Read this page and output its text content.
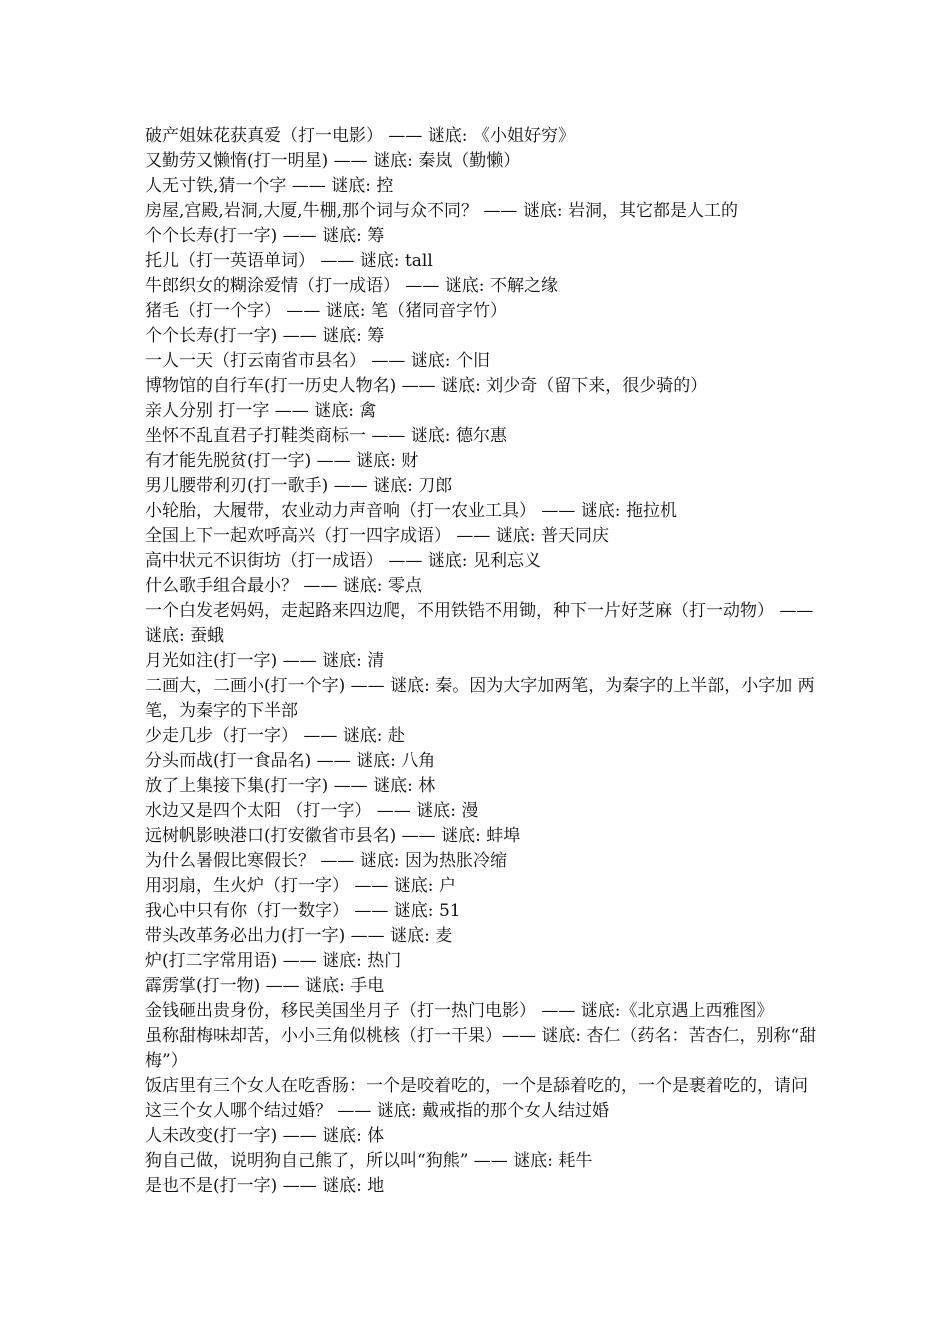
破产姐妹花获真爱（打一电影） —— 谜底: 《小姐好穷》
又勤劳又懒惰(打一明星) —— 谜底: 秦岚（勤懒）
人无寸铁,猜一个字 —— 谜底: 控
房屋,宫殿,岩洞,大厦,牛棚,那个词与众不同？ —— 谜底: 岩洞，其它都是人工的
个个长寿(打一字) —— 谜底: 筹
托儿（打一英语单词） —— 谜底: tall
牛郎织女的糊涂爱情（打一成语） —— 谜底: 不解之缘
猪毛（打一个字） —— 谜底: 笔（猪同音字竹）
个个长寿(打一字) —— 谜底: 筹
一人一天（打云南省市县名） —— 谜底: 个旧
博物馆的自行车(打一历史人物名) —— 谜底: 刘少奇（留下来，很少骑的）
亲人分别 打一字 —— 谜底: 禽
坐怀不乱直君子打鞋类商标一 —— 谜底: 德尔惠
有才能先脱贫(打一字) —— 谜底: 财
男儿腰带利刃(打一歌手) —— 谜底: 刀郎
小轮胎，大履带，农业动力声音响（打一农业工具） —— 谜底: 拖拉机
全国上下一起欢呼高兴（打一四字成语） —— 谜底: 普天同庆
高中状元不识街坊（打一成语） —— 谜底: 见利忘义
什么歌手组合最小？ —— 谜底: 零点
一个白发老妈妈，走起路来四边爬，不用铁锆不用锄，种下一片好芝麻（打一动物） —— 谜底: 蚕蛾
月光如注(打一字) —— 谜底: 清
二画大，二画小(打一个字) —— 谜底: 秦。因为大字加两笔，为秦字的上半部，小字加 两笔，为秦字的下半部
少走几步（打一字） —— 谜底: 赴
分头而战(打一食品名) —— 谜底: 八角
放了上集接下集(打一字) —— 谜底: 林
水边又是四个太阳 （打一字） —— 谜底: 漫
远树帆影映港口(打安徽省市县名) —— 谜底: 蚌埠
为什么暑假比寒假长？ —— 谜底: 因为热胀冷缩
用羽扇，生火炉（打一字） —— 谜底: 户
我心中只有你（打一数字） —— 谜底: 51
带头改革务必出力(打一字) —— 谜底: 麦
炉(打二字常用语) —— 谜底: 热门
霹雳掌(打一物) —— 谜底: 手电
金钱砸出贵身份，移民美国坐月子（打一热门电影） —— 谜底:《北京遇上西雅图》
虽称甜梅味却苦，小小三角似桃核（打一干果）—— 谜底: 杏仁（药名：苦杏仁，别称“甜梅”）
饭店里有三个女人在吃香肠：一个是咬着吃的，一个是舔着吃的，一个是裹着吃的，请问这三个女人哪个结过婚？ —— 谜底: 戴戒指的那个女人结过婚
人未改变(打一字) —— 谜底: 体
狗自己做，说明狗自己熊了，所以叫“狗熊” —— 谜底: 耗牛
是也不是(打一字) —— 谜底: 地
